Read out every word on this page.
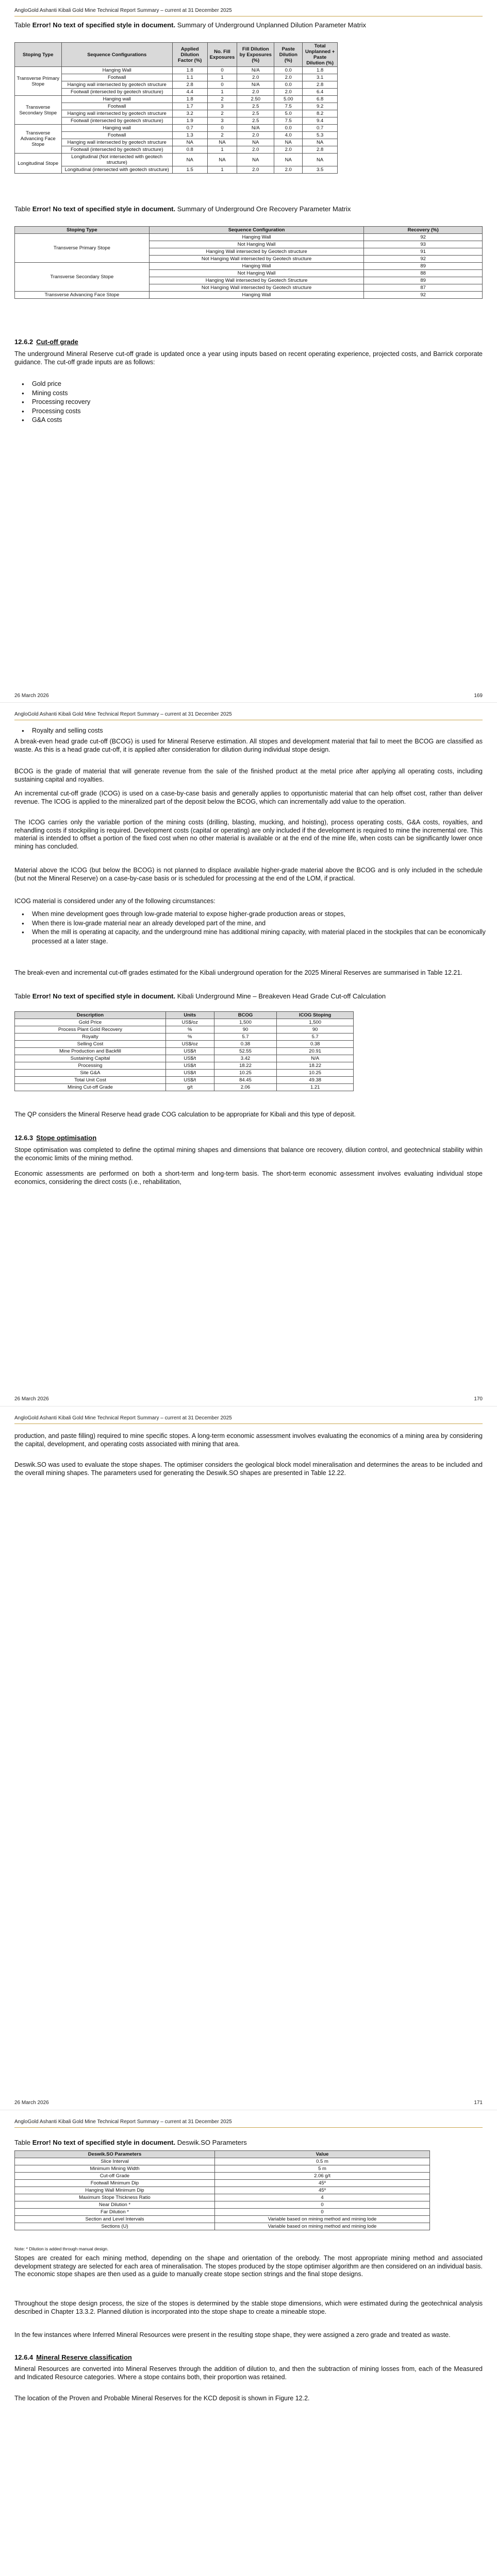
AngloGold Ashanti Kibali Gold Mine Technical Report Summary – current at 31 December 2025
Table Error! No text of specified style in document. Summary of Underground Unplanned Dilution Parameter Matrix
Stoping Type	Sequence Configurations	Applied Dilution Factor (%)	No. Fill Exposures	Fill Dilution by Exposures (%)	Paste Dilution (%)	Total Unplanned + Paste Dilution (%)
Transverse Primary Stope	Hanging Wall	1.8	0	N/A	0.0	1.8
	Footwall	1.1	1	2.0	2.0	3.1
	Hanging wall intersected by geotech structure	2.8	0	N/A	0.0	2.8
	Footwall (intersected by geotech structure)	4.4	1	2.0	2.0	6.4
Transverse Secondary Stope	Hanging wall	1.8	2	2.50	5.00	6.8
	Footwall	1.7	3	2.5	7.5	9.2
	Hanging wall intersected by geotech structure	3.2	2	2.5	5.0	8.2
	Footwall (intersected by geotech structure)	1.9	3	2.5	7.5	9.4
Transverse Advancing Face Stope	Hanging wall	0.7	0	N/A	0.0	0.7
	Footwall	1.3	2	2.0	4.0	5.3
	Hanging wall intersected by geotech structure	NA	NA	NA	NA	NA
	Footwall (intersected by geotech structure)	0.8	1	2.0	2.0	2.8
Longitudinal Stope	Longitudinal (Not intersected with geotech structure)	NA	NA	NA	NA	NA
	Longitudinal (intersected with geotech structure)	1.5	1	2.0	2.0	3.5
Table Error! No text of specified style in document. Summary of Underground Ore Recovery Parameter Matrix
Stoping Type	Sequence Configuration	Recovery (%)
Transverse Primary Stope	Hanging Wall	92
	Not Hanging Wall	93
	Hanging Wall intersected by Geotech structure	91
	Not Hanging Wall intersected by Geotech structure	92
Transverse Secondary Stope	Hanging Wall	89
	Not Hanging Wall	88
	Hanging Wall intersected by Geotech Structure	89
	Not Hanging Wall intersected by Geotech structure	87
Transverse Advancing Face Stope	Hanging Wall	92
12.6.2 Cut-off grade

The underground Mineral Reserve cut-off grade is updated once a year using inputs based on recent operating experience, projected costs, and Barrick corporate guidance. The cut-off grade inputs are as follows:

● Gold price
● Mining costs
● Processing recovery
● Processing costs
● G&A costs
26 March 2026	169
AngloGold Ashanti Kibali Gold Mine Technical Report Summary – current at 31 December 2025
● Royalty and selling costs

A break-even head grade cut-off (BCOG) is used for Mineral Reserve estimation. All stopes and development material that fail to meet the BCOG are classified as waste. As this is a head grade cut-off, it is applied after consideration for dilution during individual stope design.

BCOG is the grade of material that will generate revenue from the sale of the finished product at the metal price after applying all operating costs, including sustaining capital and royalties.

An incremental cut-off grade (ICOG) is used on a case-by-case basis and generally applies to opportunistic material that can help offset cost, rather than deliver revenue. The ICOG is applied to the mineralized part of the deposit below the BCOG, which can incrementally add value to the operation.

The ICOG carries only the variable portion of the mining costs (drilling, blasting, mucking, and hoisting), process operating costs, G&A costs, royalties, and rehandling costs if stockpiling is required. Development costs (capital or operating) are only included if the development is required to mine the incremental ore. This material is intended to offset a portion of the fixed cost when no other material is available or at the end of the mine life, when costs can be significantly lower once mining has concluded.

Material above the ICOG (but below the BCOG) is not planned to displace available higher-grade material above the BCOG and is only included in the schedule (but not the Mineral Reserve) on a case-by-case basis or is scheduled for processing at the end of the LOM, if practical.

ICOG material is considered under any of the following circumstances:

● When mine development goes through low-grade material to expose higher-grade production areas or stopes,
● When there is low-grade material near an already developed part of the mine, and
● When the mill is operating at capacity, and the underground mine has additional mining capacity, with material placed in the stockpiles that can be economically processed at a later stage.

The break-even and incremental cut-off grades estimated for the Kibali underground operation for the 2025 Mineral Reserves are summarised in Table 12.21.

Table Error! No text of specified style in document. Kibali Underground Mine – Breakeven Head Grade Cut-off Calculation
Description	Units	BCOG	ICOG Stoping
Gold Price	US$/oz	1,500	1,500
Process Plant Gold Recovery	%	90	90
Royalty	%	5.7	5.7
Selling Cost	US$/oz	0.38	0.38
Mine Production and Backfill	US$/t	52.55	20.91
Sustaining Capital	US$/t	3.42	N/A
Processing	US$/t	18.22	18.22
Site G&A	US$/t	10.25	10.25
Total Unit Cost	US$/t	84.45	49.38
Mining Cut-off Grade	g/t	2.06	1.21

The QP considers the Mineral Reserve head grade COG calculation to be appropriate for Kibali and this type of deposit.

12.6.3 Stope optimisation

Stope optimisation was completed to define the optimal mining shapes and dimensions that balance ore recovery, dilution control, and geotechnical stability within the economic limits of the mining method.

Economic assessments are performed on both a short-term and long-term basis. The short-term economic assessment involves evaluating individual stope economics, considering the direct costs (i.e., rehabilitation,

26 March 2026	170
AngloGold Ashanti Kibali Gold Mine Technical Report Summary – current at 31 December 2025

production, and paste filling) required to mine specific stopes. A long-term economic assessment involves evaluating the economics of a mining area by considering the capital, development, and operating costs associated with mining that area.

Deswik.SO was used to evaluate the stope shapes. The optimiser considers the geological block model mineralisation and determines the areas to be included and the overall mining shapes. The parameters used for generating the Deswik.SO shapes are presented in Table 12.22.

26 March 2026	171
AngloGold Ashanti Kibali Gold Mine Technical Report Summary – current at 31 December 2025
Table Error! No text of specified style in document. Deswik.SO Parameters
Deswik.SO Parameters	Value
Slice Interval	0.5 m
Minimum Mining Width	5 m
Cut-off Grade	2.06 g/t
Footwall Minimum Dip	45º
Hanging Wall Minimum Dip	45º
Maximum Stope Thickness Ratio	4
Near Dilution *	0
Far Dilution *	0
Section and Level Intervals	Variable based on mining method and mining lode
Sections (U)	Variable based on mining method and mining lode
Note: * Dilution is added through manual design.

Stopes are created for each mining method, depending on the shape and orientation of the orebody. The most appropriate mining method and associated development strategy are selected for each area of mineralisation. The stopes produced by the stope optimiser algorithm are then considered on an individual basis. The economic stope shapes are then used as a guide to manually create stope section strings and the final stope designs.

Throughout the stope design process, the size of the stopes is determined by the stable stope dimensions, which were estimated during the geotechnical analysis described in Chapter 13.3.2. Planned dilution is incorporated into the stope shape to create a mineable stope.

In the few instances where Inferred Mineral Resources were present in the resulting stope shape, they were assigned a zero grade and treated as waste.

12.6.4 Mineral Reserve classification

Mineral Resources are converted into Mineral Reserves through the addition of dilution to, and then the subtraction of mining losses from, each of the Measured and Indicated Resource categories. Where a stope contains both, their proportion was retained.

The location of the Proven and Probable Mineral Reserves for the KCD deposit is shown in Figure 12.2.
